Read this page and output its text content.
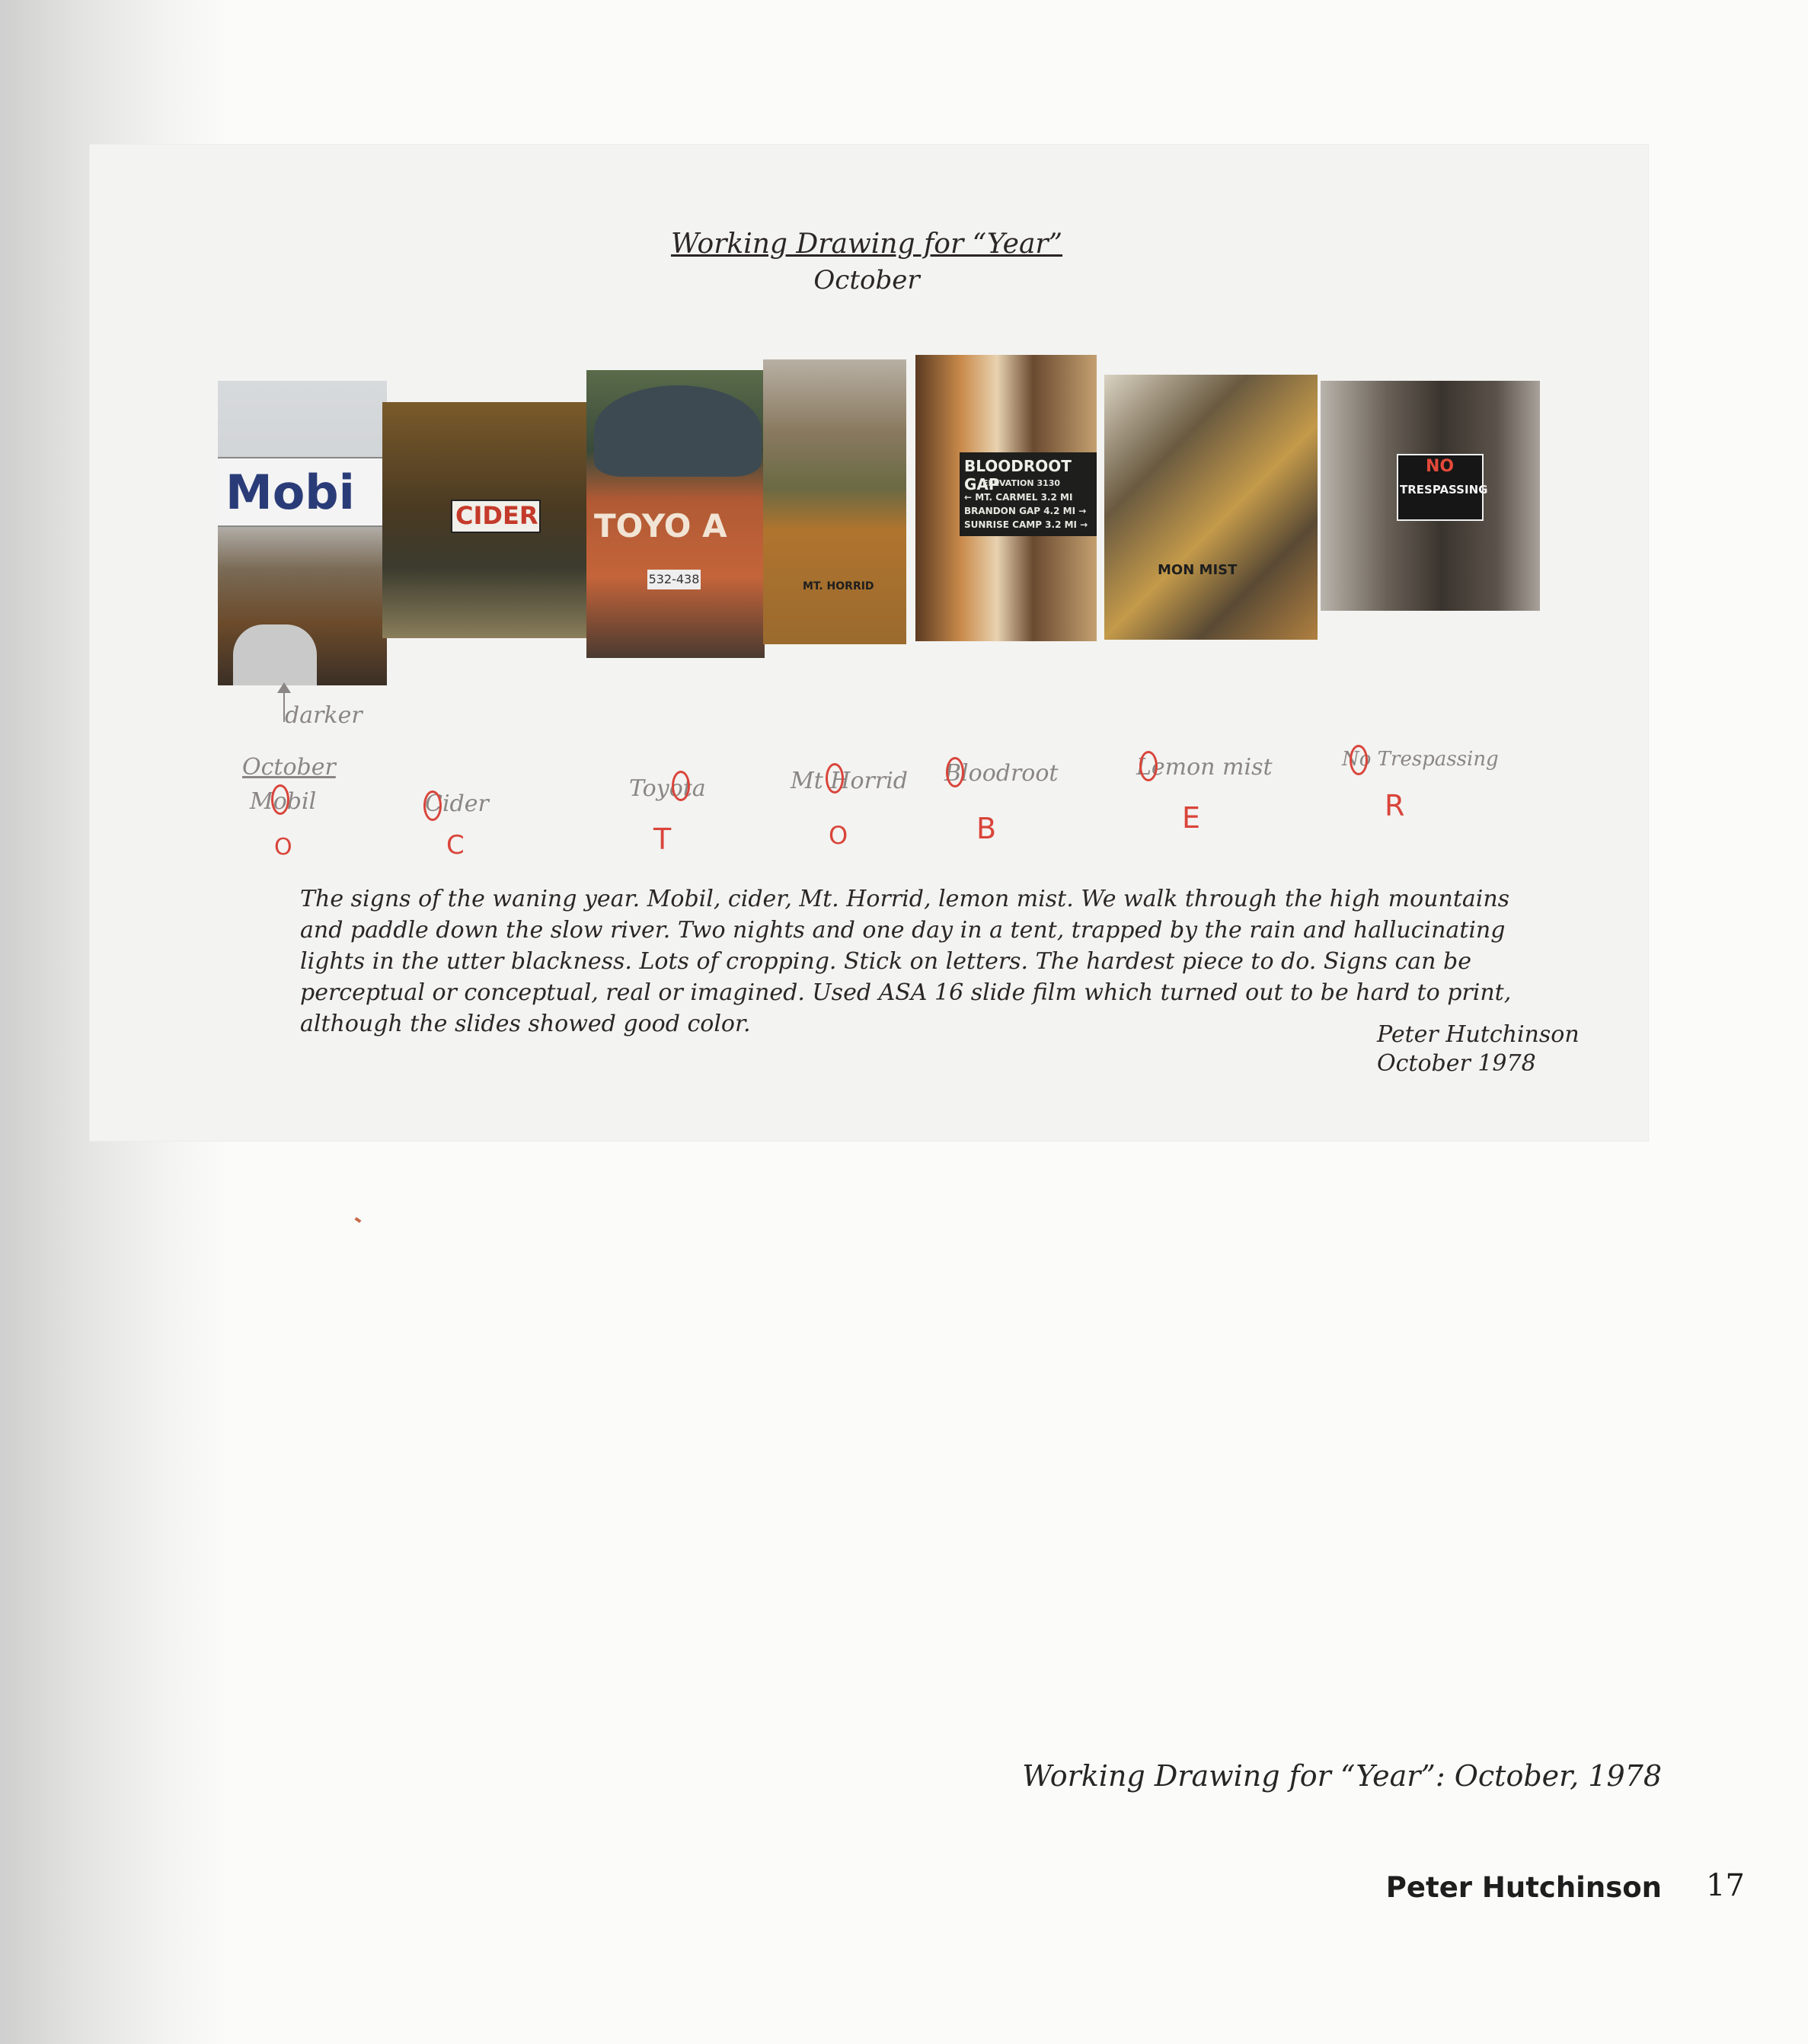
Working Drawing for “Year”
October
Mobi	CIDER TOYO A
532-438	MT. HORRID
BLOODROOT GAP
ELEVATION 3130
← MT. CARMEL 3.2 MI
BRANDON GAP 4.2 MI →
SUNRISE CAMP 3.2 MI →
MON MIST
NO
TRESPASSING
darker
October
Mobil	Cider
Toyota	Mt Horrid Bloodroot	Lemon mist	No Trespassing
O	C	T	O	B	E	R
The signs of the waning year. Mobil, cider, Mt. Horrid, lemon mist. We walk through the high mountains and paddle down the slow river. Two nights and one day in a tent, trapped by the rain and hallucinating lights in the utter blackness. Lots of cropping. Stick on letters. The hardest piece to do. Signs can be perceptual or conceptual, real or imagined. Used ASA 16 slide film which turned out to be hard to print, although the slides showed good color.	Peter Hutchinson
October 1978
Working Drawing for “Year”: October, 1978
Peter Hutchinson 17
